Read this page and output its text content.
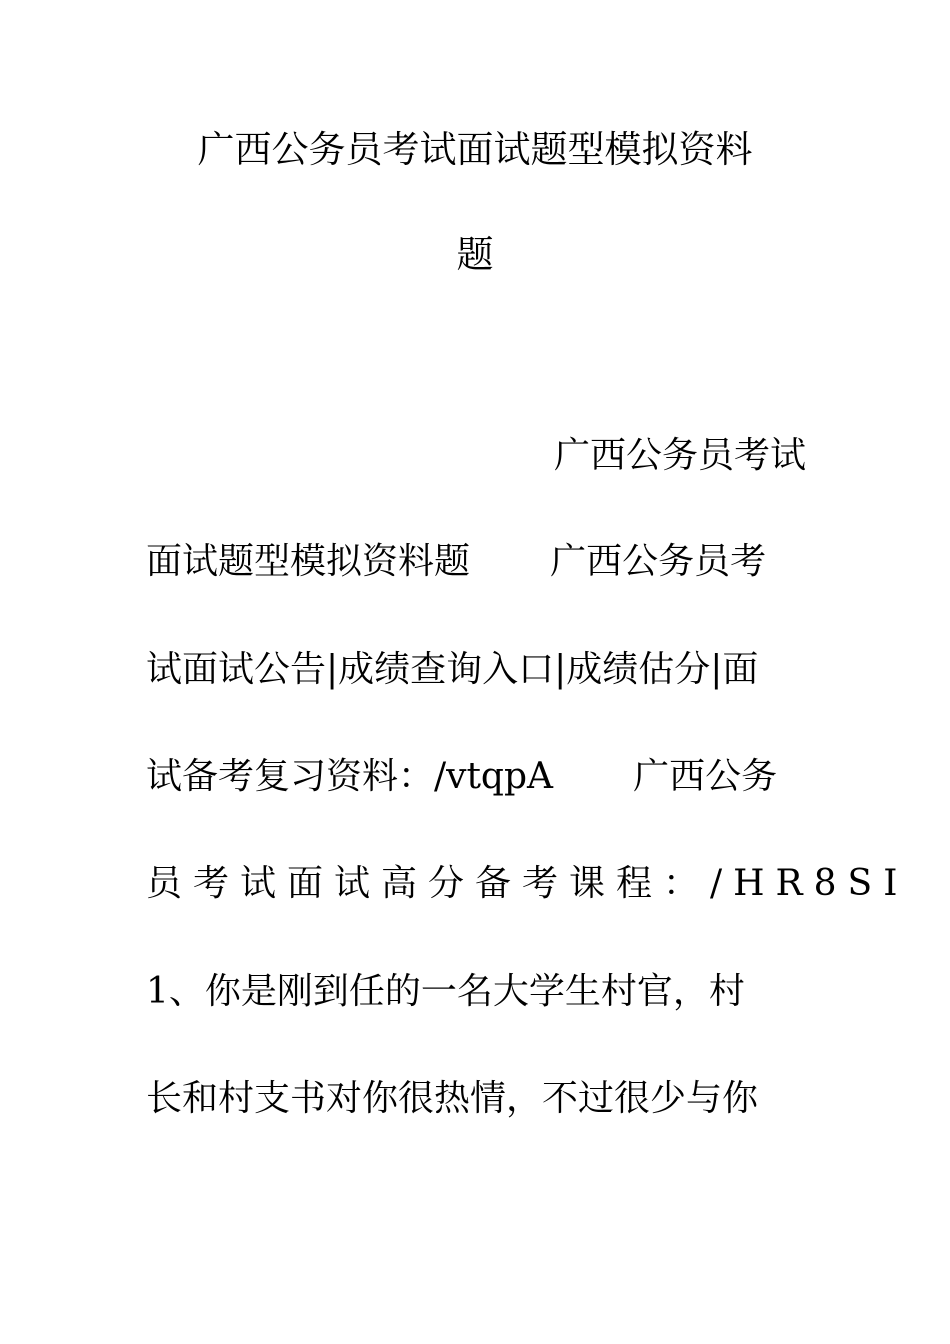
广西公务员考试面试题型模拟资料
题
广西公务员考试
面试题型模拟资料题       广西公务员考
试面试公告|成绩查询入口|成绩估分|面
试备考复习资料：/vtqpA       广西公务
员考试面试高分备考课程：/HR8SI
1、你是刚到任的一名大学生村官，村
长和村支书对你很热情，不过很少与你
